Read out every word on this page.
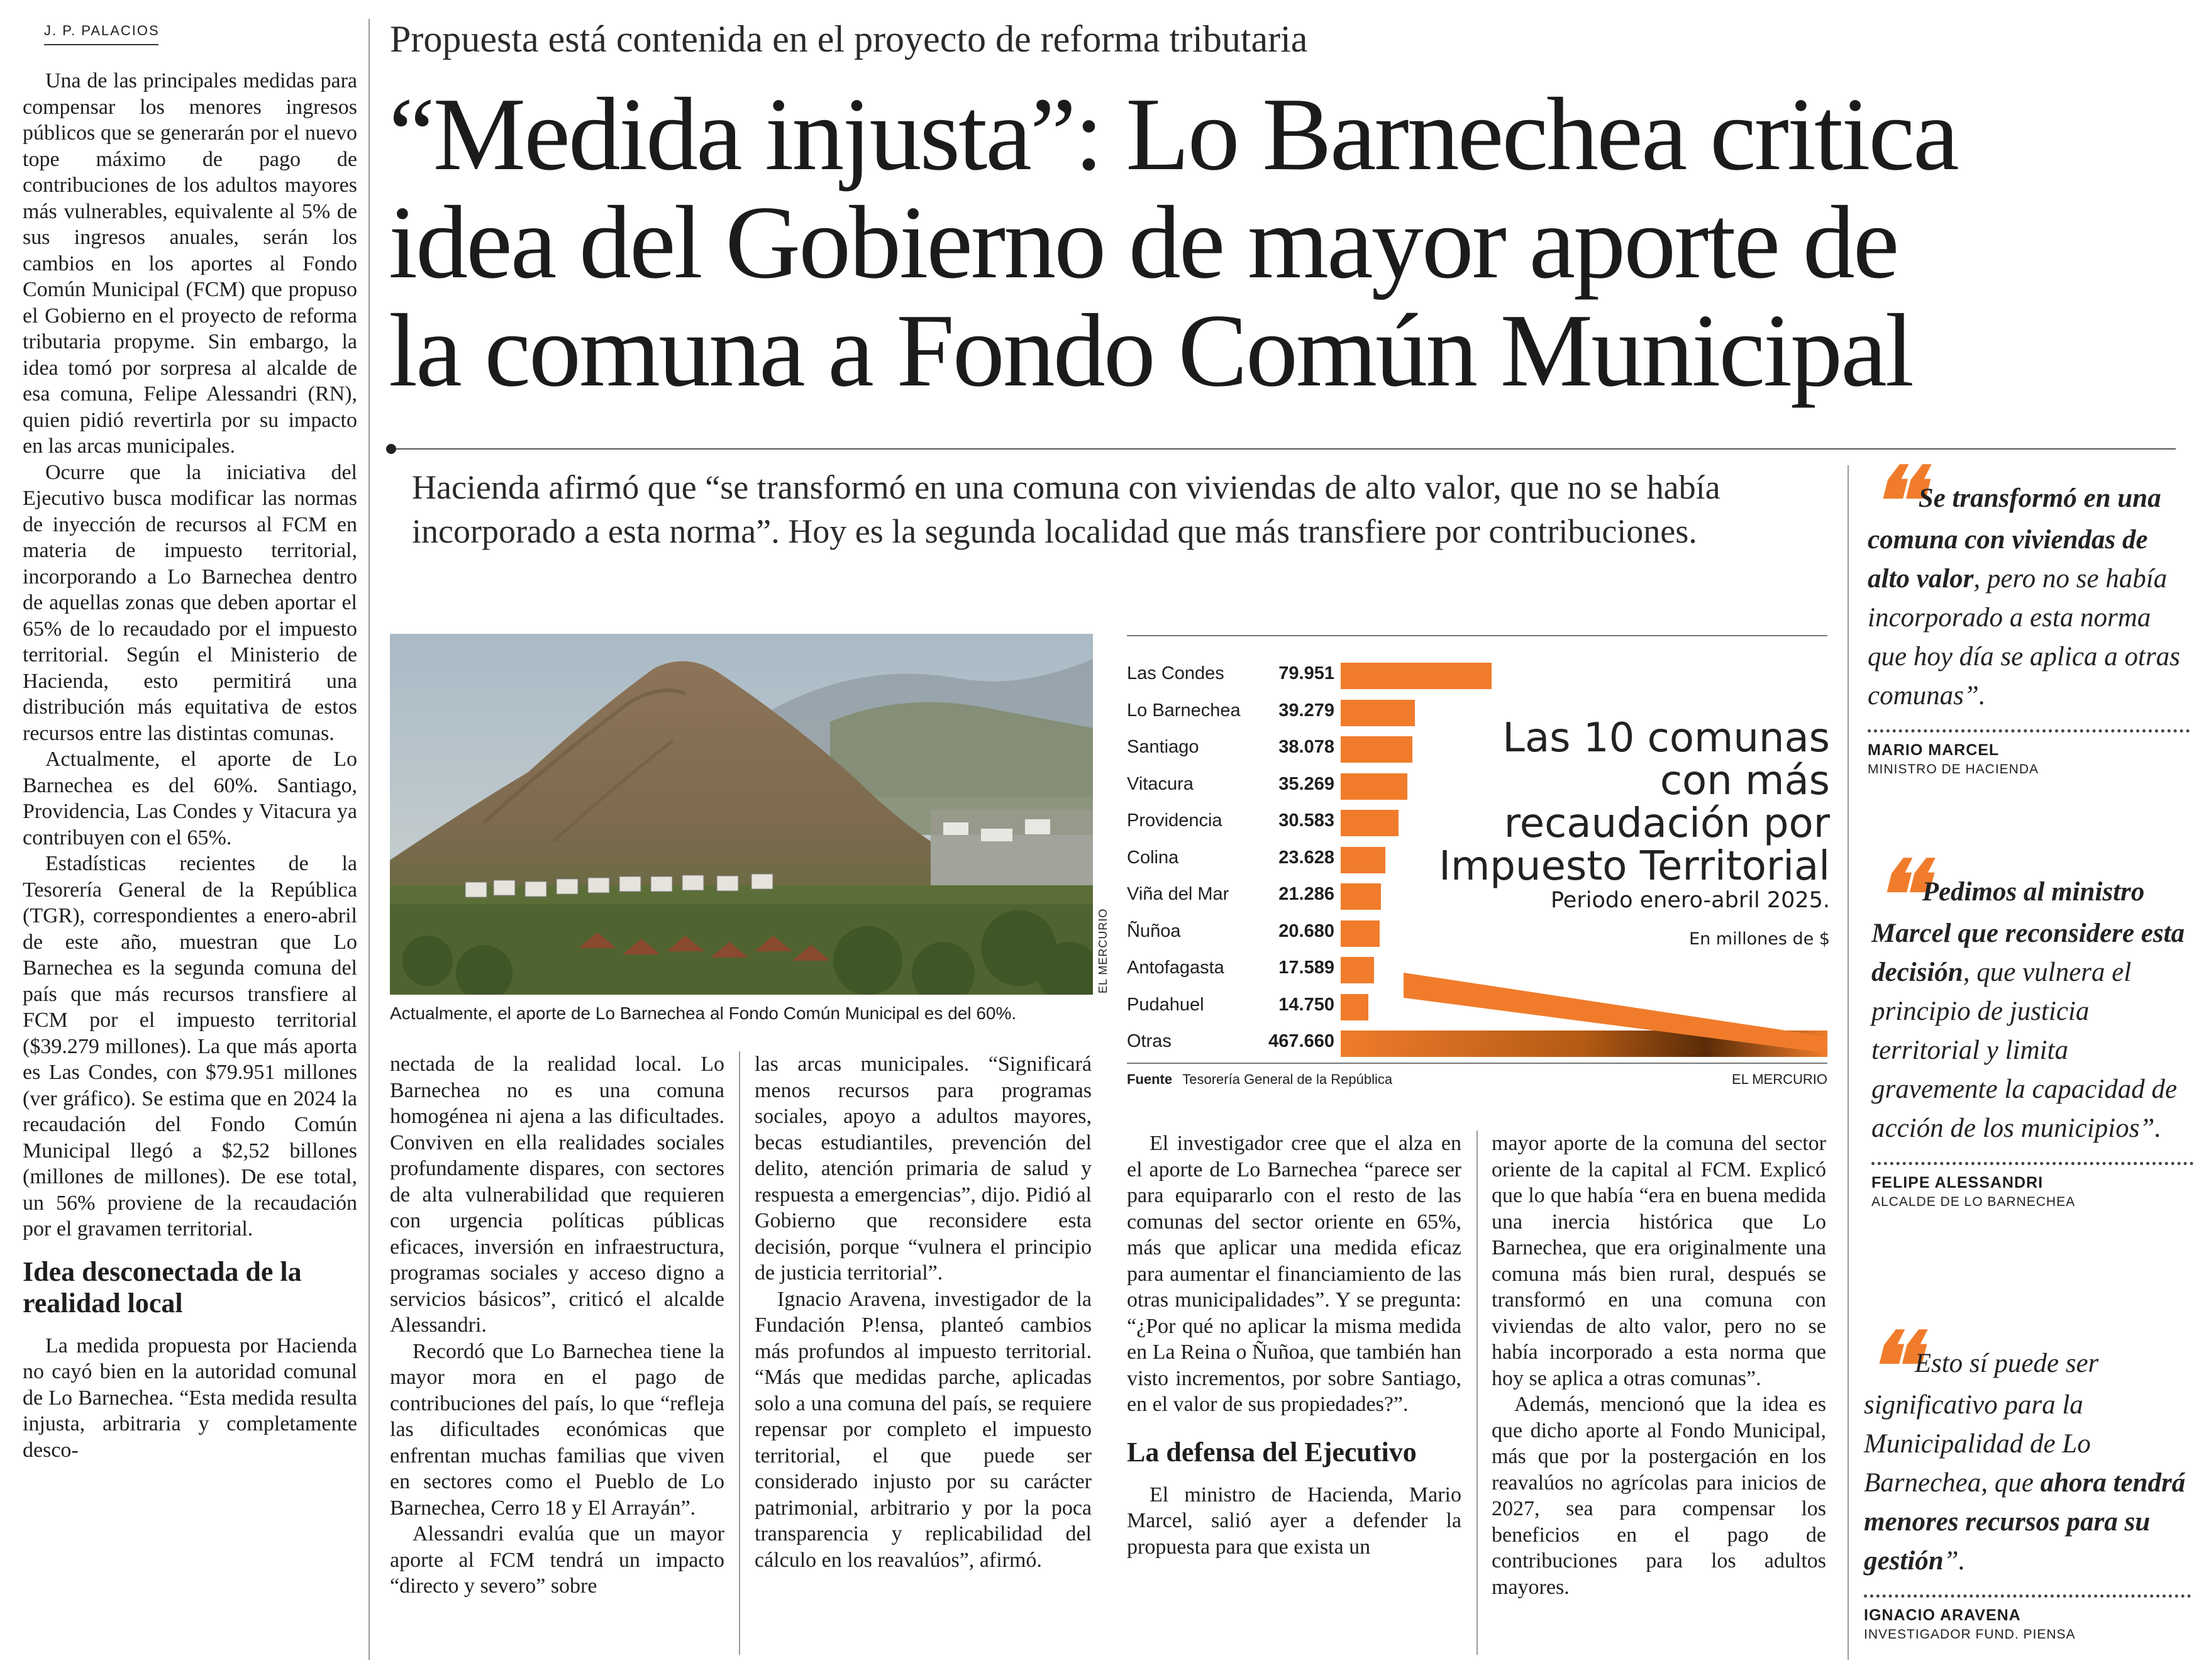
J. P. PALACIOS	Propuesta está contenida en el proyecto de reforma tributaria
“Medida injusta”: Lo Barnechea critica
idea del Gobierno de mayor aporte de
la comuna a Fondo Común Municipal
Hacienda afirmó que “se transformó en una comuna con viviendas de alto valor, que no se había incorporado a esta norma”. Hoy es la segunda localidad que más transfiere por contribuciones.

Una de las principales medidas para compensar los menores ingresos públicos que se generarán por el nuevo tope máximo de pago de contribuciones de los adultos mayores más vulnerables, equivalente al 5% de sus ingresos anuales, serán los cambios en los aportes al Fondo Común Municipal (FCM) que propuso el Gobierno en el proyecto de reforma tributaria propyme. Sin embargo, la idea tomó por sorpresa al alcalde de esa comuna, Felipe Alessandri (RN), quien pidió revertirla por su impacto en las arcas municipales.

Ocurre que la iniciativa del Ejecutivo busca modificar las normas de inyección de recursos al FCM en materia de impuesto territorial, incorporando a Lo Barnechea dentro de aquellas zonas que deben aportar el 65% de lo recaudado por el impuesto territorial. Según el Ministerio de Hacienda, esto permitirá una distribución más equitativa de estos recursos entre las distintas comunas.

Actualmente, el aporte de Lo Barnechea es del 60%. Santiago, Providencia, Las Condes y Vitacura ya contribuyen con el 65%.

Estadísticas recientes de la Tesorería General de la República (TGR), correspondientes a enero-abril de este año, muestran que Lo Barnechea es la segunda comuna del país que más recursos transfiere al FCM por el impuesto territorial ($39.279 millones). La que más aporta es Las Condes, con $79.951 millones (ver gráfico). Se estima que en 2024 la recaudación del Fondo Común Municipal llegó a $2,52 billones (millones de millones). De ese total, un 56% proviene de la recaudación por el gravamen territorial.

Idea desconectada de la realidad local

La medida propuesta por Hacienda no cayó bien en la autoridad comunal de Lo Barnechea. “Esta medida resulta injusta, arbitraria y completamente desco-

Actualmente, el aporte de Lo Barnechea al Fondo Común Municipal es del 60%.
EL MERCURIO

nectada de la realidad local. Lo Barnechea no es una comuna homogénea ni ajena a las dificultades. Conviven en ella realidades sociales profundamente dispares, con sectores de alta vulnerabilidad que requieren con urgencia políticas públicas eficaces, inversión en infraestructura, programas sociales y acceso digno a servicios básicos”, criticó el alcalde Alessandri.

Recordó que Lo Barnechea tiene la mayor mora en el pago de contribuciones del país, lo que “refleja las dificultades económicas que enfrentan muchas familias que viven en sectores como el Pueblo de Lo Barnechea, Cerro 18 y El Arrayán”.

Alessandri evalúa que un mayor aporte al FCM tendrá un impacto “directo y severo” sobre

las arcas municipales. “Significará menos recursos para programas sociales, apoyo a adultos mayores, becas estudiantiles, prevención del delito, atención primaria de salud y respuesta a emergencias”, dijo. Pidió al Gobierno que reconsidere esta decisión, porque “vulnera el principio de justicia territorial”.

Ignacio Aravena, investigador de la Fundación P!ensa, planteó cambios más profundos al impuesto territorial. “Más que medidas parche, aplicadas solo a una comuna del país, se requiere repensar por completo el impuesto territorial, el que puede ser considerado injusto por su carácter patrimonial, arbitrario y por la poca transparencia y replicabilidad del cálculo en los reavalúos”, afirmó.

Las Condes	79.951
Lo Barnechea	39.279
Santiago	38.078
Vitacura	35.269
Providencia	30.583
Colina	23.628
Viña del Mar	21.286
Ñuñoa	20.680
Antofagasta	17.589
Pudahuel	14.750
Otras	467.660
Las 10 comunas con más recaudación por Impuesto Territorial
Periodo enero-abril 2025.
En millones de $
Fuente Tesorería General de la República	EL MERCURIO

El investigador cree que el alza en el aporte de Lo Barnechea “parece ser para equipararlo con el resto de las comunas del sector oriente en 65%, más que aplicar una medida eficaz para aumentar el financiamiento de las otras municipalidades”. Y se pregunta: “¿Por qué no aplicar la misma medida en La Reina o Ñuñoa, que también han visto incrementos, por sobre Santiago, en el valor de sus propiedades?”.

La defensa del Ejecutivo

El ministro de Hacienda, Mario Marcel, salió ayer a defender la propuesta para que exista un

mayor aporte de la comuna del sector oriente de la capital al FCM. Explicó que lo que había “era en buena medida una inercia histórica que Lo Barnechea, que era originalmente una comuna más bien rural, después se transformó en una comuna con viviendas de alto valor, pero no se había incorporado a esta norma que hoy se aplica a otras comunas”.

Además, mencionó que la idea es que dicho aporte al Fondo Municipal, más que por la postergación en los reavalúos no agrícolas para inicios de 2027, sea para compensar los beneficios en el pago de contribuciones para los adultos mayores.

❛❛ Se transformó en una comuna con viviendas de alto valor, pero no se había incorporado a esta norma que hoy día se aplica a otras comunas”.
MARIO MARCEL
MINISTRO DE HACIENDA
❛❛ Pedimos al ministro Marcel que reconsidere esta decisión, que vulnera el principio de justicia territorial y limita gravemente la capacidad de acción de los municipios”.
FELIPE ALESSANDRI
ALCALDE DE LO BARNECHEA
❛❛ Esto sí puede ser significativo para la Municipalidad de Lo Barnechea, que ahora tendrá menores recursos para su gestión”.
IGNACIO ARAVENA
INVESTIGADOR FUND. PIENSA
